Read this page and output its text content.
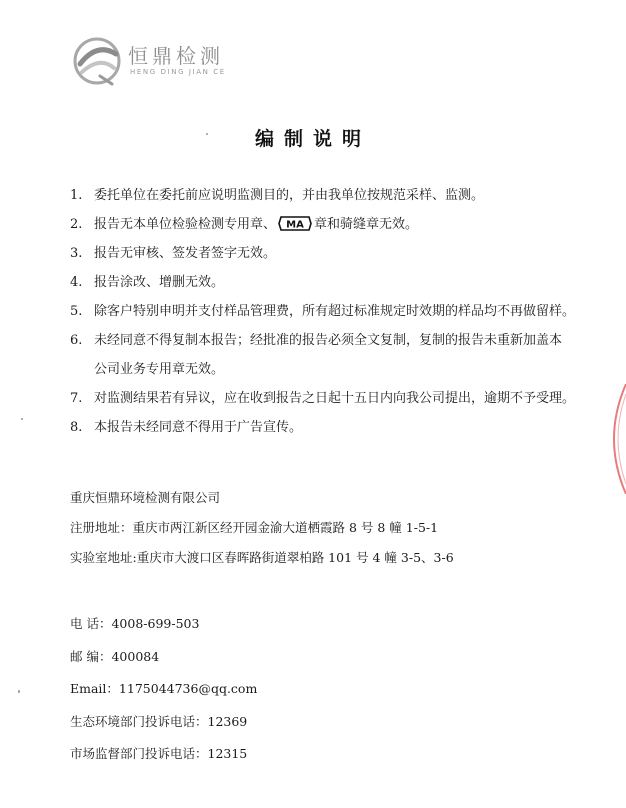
恒鼎检测
HENG DING JIAN CE
编制说明
1. 委托单位在委托前应说明监测目的，并由我单位按规范采样、监测。
2. 报告无本单位检验检测专用章、 MA 章和骑缝章无效。
3. 报告无审核、签发者签字无效。
4. 报告涂改、增删无效。
5. 除客户特别申明并支付样品管理费，所有超过标准规定时效期的样品均不再做留样。
6. 未经同意不得复制本报告；经批准的报告必须全文复制，复制的报告未重新加盖本
公司业务专用章无效。
7. 对监测结果若有异议，应在收到报告之日起十五日内向我公司提出，逾期不予受理。
8. 本报告未经同意不得用于广告宣传。
重庆恒鼎环境检测有限公司
注册地址：重庆市两江新区经开园金渝大道栖霞路 8 号 8 幢 1-5-1
实验室地址:重庆市大渡口区春晖路街道翠柏路 101 号 4 幢 3-5、3-6
电 话：4008-699-503
邮 编：400084
Email：1175044736@qq.com
生态环境部门投诉电话：12369
市场监督部门投诉电话：12315
